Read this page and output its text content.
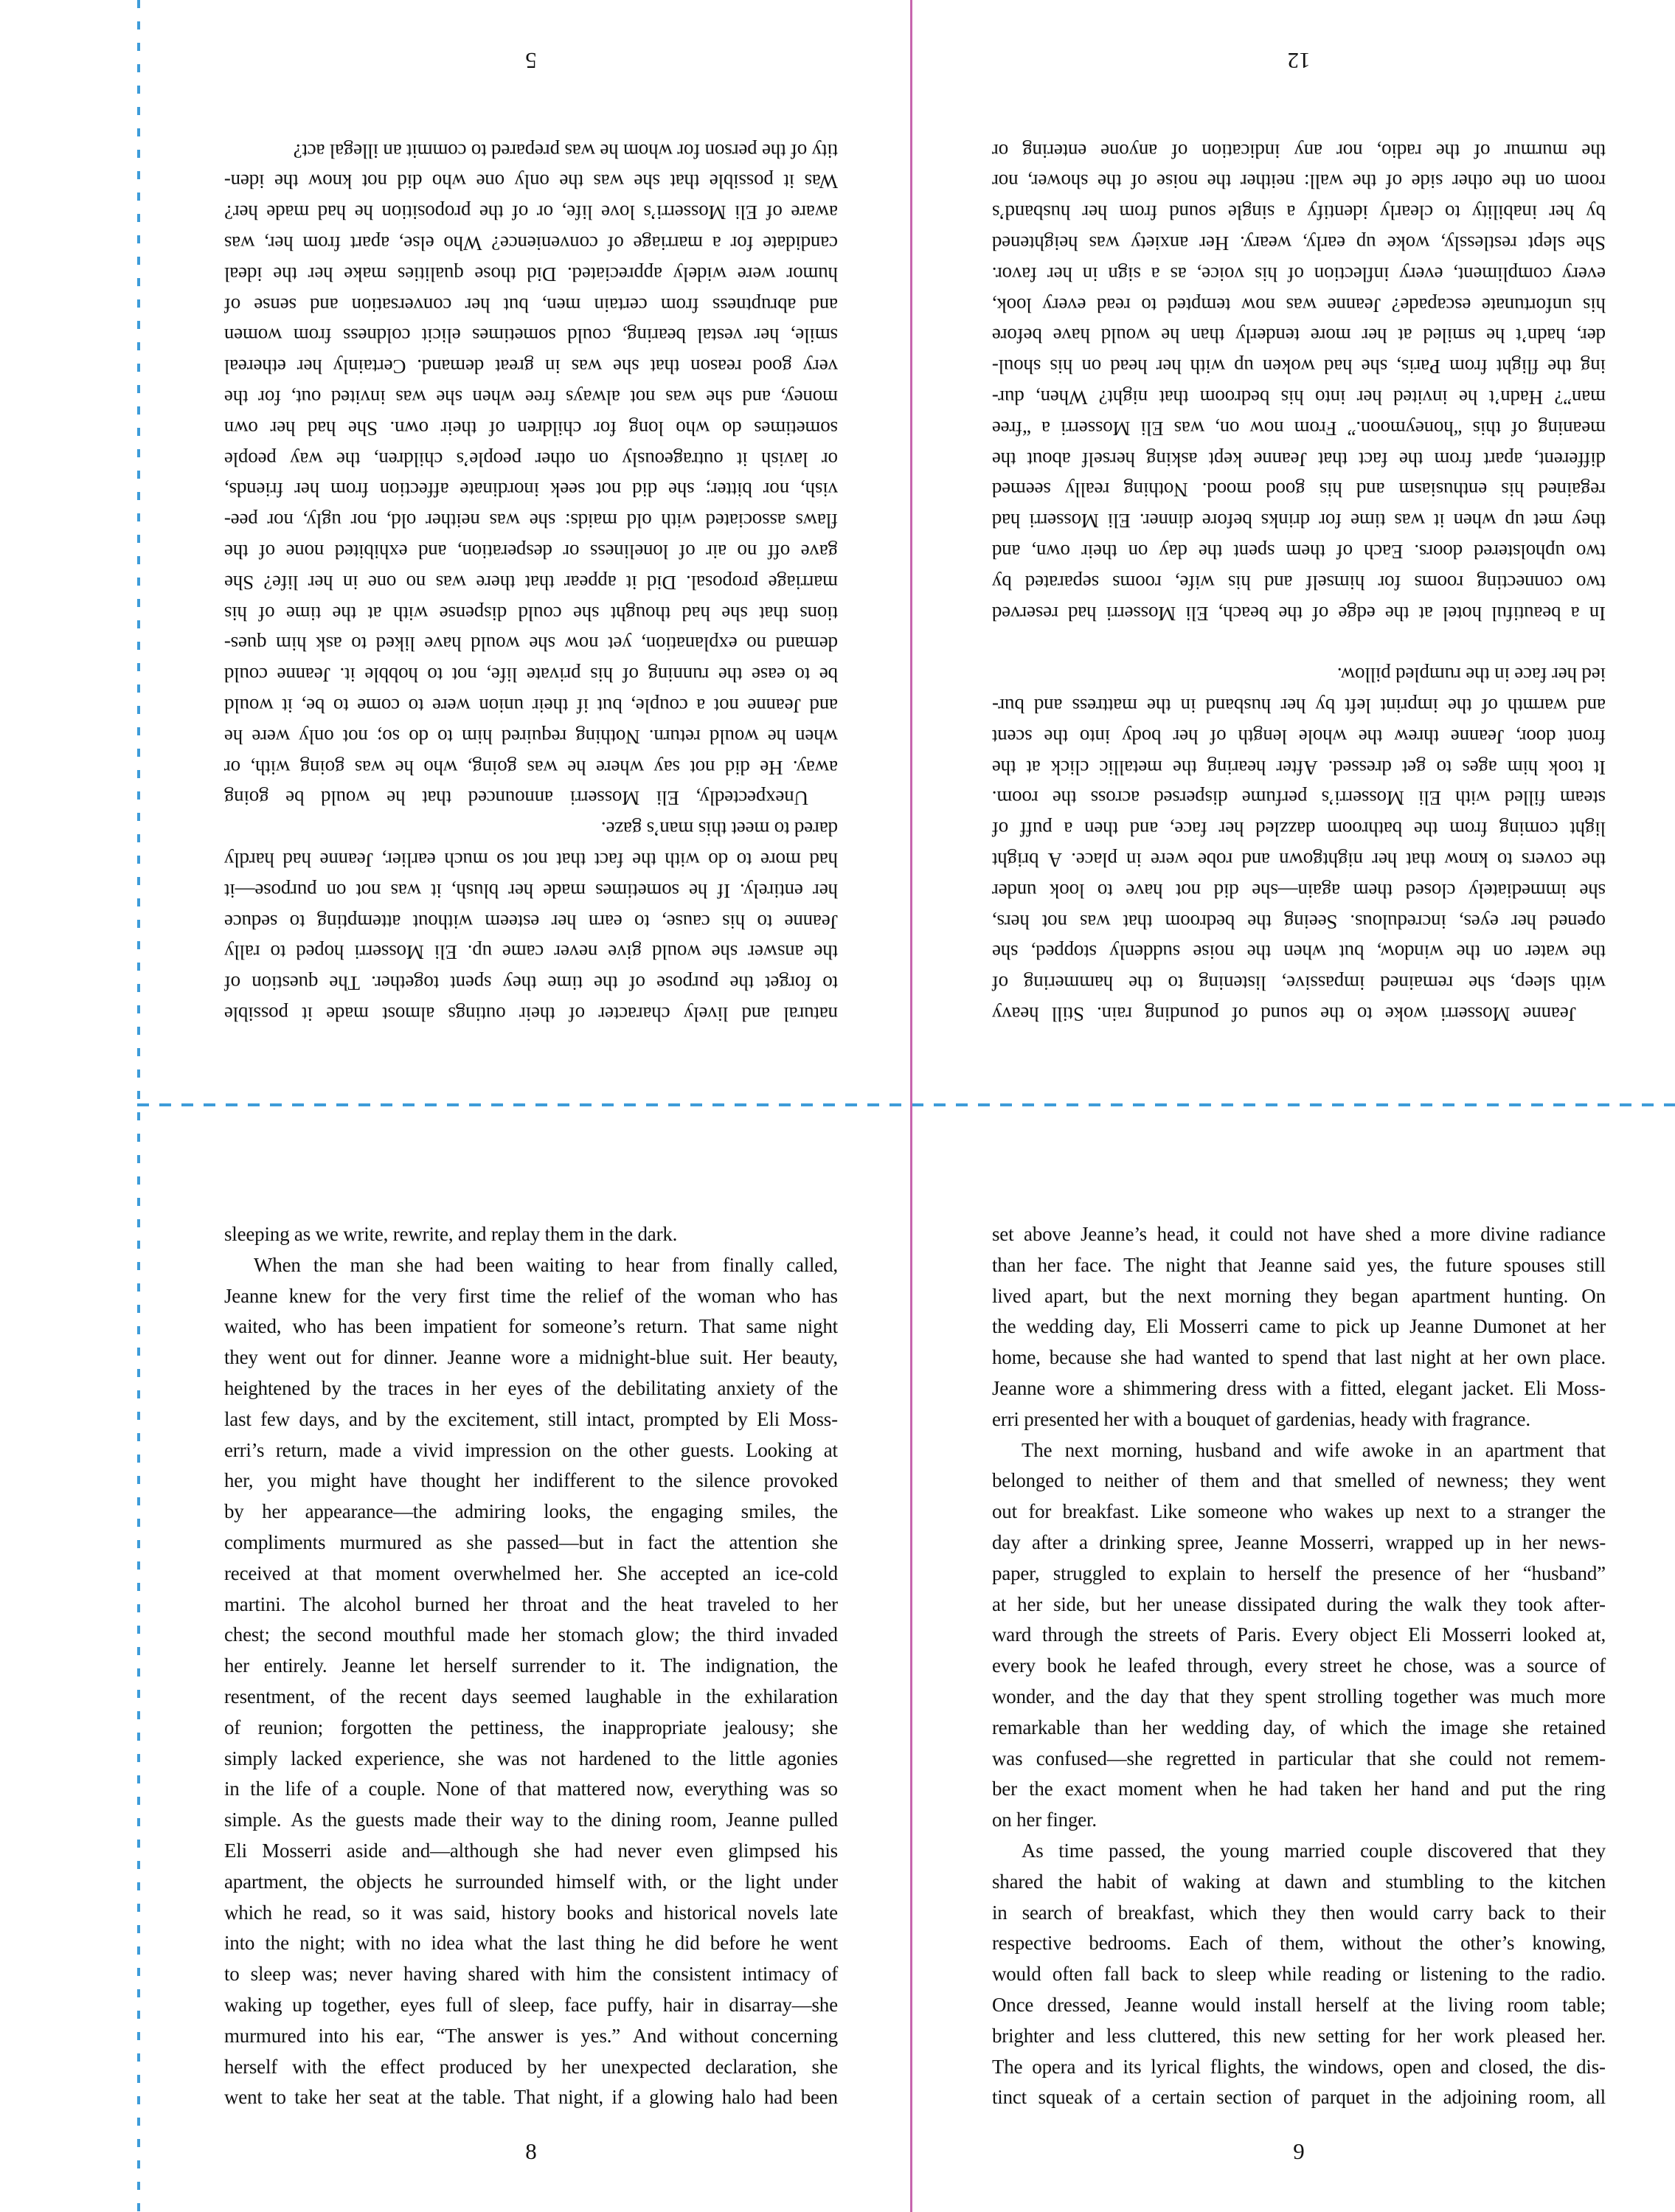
natural
and
lively
character
of
their
outings
almost
made
it
possible
to
forget
the
purpose
of
the
time
they
spent
together.
The
question
of
the
answer
she
would
give
never
came
up.
Eli
Mosserri
hoped
to
rally
Jeanne
to
his
cause,
to
earn
her
esteem
without
attempting
to
seduce
her
entirely.
If
he
sometimes
made
her
blush,
it
was
not
on
purpose—it
had
more
to
do
with
the
fact
that
not
so
much
earlier,
Jeanne
had
hardly
dared to meet this man’s gaze.
Unexpectedly,
Eli
Mosserri
announced
that
he
would
be
going
away.
He
did
not
say
where
he
was
going,
who
he
was
going
with,
or
when
he
would
return.
Nothing
required
him
to
do
so;
not
only
were
he
and
Jeanne
not
a
couple,
but
if
their
union
were
to
come
to
be,
it
would
be
to
ease
the
running
of
his
private
life,
not
to
hobble
it.
Jeanne
could
demand
no
explanation,
yet
now
she
would
have
liked
to
ask
him
ques-
tions
that
she
had
thought
she
could
dispense
with
at
the
time
of
his
marriage
proposal.
Did
it
appear
that
there
was
no
one
in
her
life?
She
gave
off
no
air
of
loneliness
or
desperation,
and
exhibited
none
of
the
flaws
associated
with
old
maids:
she
was
neither
old,
nor
ugly,
nor
pee-
vish,
nor
bitter;
she
did
not
seek
inordinate
affection
from
her
friends,
or
lavish
it
outrageously
on
other
people’s
children,
the
way
people
sometimes
do
who
long
for
children
of
their
own.
She
had
her
own
money,
and
she
was
not
always
free
when
she
was
invited
out,
for
the
very
good
reason
that
she
was
in
great
demand.
Certainly
her
ethereal
smile,
her
vestal
bearing,
could
sometimes
elicit
coldness
from
women
and
abruptness
from
certain
men,
but
her
conversation
and
sense
of
humor
were
widely
appreciated.
Did
those
qualities
make
her
the
ideal
candidate
for
a
marriage
of
convenience?
Who
else,
apart
from
her,
was
aware
of
Eli
Mosserri’s
love
life,
or
of
the
proposition
he
had
made
her?
Was
it
possible
that
she
was
the
only
one
who
did
not
know
the
iden-
tity of the person for whom he was prepared to commit an illegal act?
5
Jeanne
Mosserri
woke
to
the
sound
of
pounding
rain.
Still
heavy
with
sleep,
she
remained
impassive,
listening
to
the
hammering
of
the
water
on
the
window,
but
when
the
noise
suddenly
stopped,
she
opened
her
eyes,
incredulous.
Seeing
the
bedroom
that
was
not
hers,
she
immediately
closed
them
again—she
did
not
have
to
look
under
the
covers
to
know
that
her
nightgown
and
robe
were
in
place.
A
bright
light
coming
from
the
bathroom
dazzled
her
face,
and
then
a
puff
of
steam
filled
with
Eli
Mosserri’s
perfume
dispersed
across
the
room.
It
took
him
ages
to
get
dressed.
After
hearing
the
metallic
click
at
the
front
door,
Jeanne
threw
the
whole
length
of
her
body
into
the
scent
and
warmth
of
the
imprint
left
by
her
husband
in
the
mattress
and
bur-
ied her face in the rumpled pillow.
In
a
beautiful
hotel
at
the
edge
of
the
beach,
Eli
Mosserri
had
reserved
two
connecting
rooms
for
himself
and
his
wife,
rooms
separated
by
two
upholstered
doors.
Each
of
them
spent
the
day
on
their
own,
and
they
met
up
when
it
was
time
for
drinks
before
dinner.
Eli
Mosserri
had
regained
his
enthusiasm
and
his
good
mood.
Nothing
really
seemed
different,
apart
from
the
fact
that
Jeanne
kept
asking
herself
about
the
meaning
of
this
“honeymoon.”
From
now
on,
was
Eli
Mosserri
a
“free
man”?
Hadn’t
he
invited
her
into
his
bedroom
that
night?
When,
dur-
ing
the
flight
from
Paris,
she
had
woken
up
with
her
head
on
his
shoul-
der,
hadn’t
he
smiled
at
her
more
tenderly
than
he
would
have
before
his
unfortunate
escapade?
Jeanne
was
now
tempted
to
read
every
look,
every
compliment,
every
inflection
of
his
voice,
as
a
sign
in
her
favor.
She
slept
restlessly,
woke
up
early,
weary.
Her
anxiety
was
heightened
by
her
inability
to
clearly
identify
a
single
sound
from
her
husband’s
room
on
the
other
side
of
the
wall:
neither
the
noise
of
the
shower,
nor
the
murmur
of
the
radio,
nor
any
indication
of
anyone
entering
or
12
sleeping as we write, rewrite, and replay them in the dark.
When the man she had been waiting to hear from finally called,
Jeanne knew for the very first time the relief of the woman who has
waited, who has been impatient for someone’s return. That same night
they went out for dinner. Jeanne wore a midnight-blue suit. Her beauty,
heightened by the traces in her eyes of the debilitating anxiety of the
last few days, and by the excitement, still intact, prompted by Eli Moss-
erri’s return, made a vivid impression on the other guests. Looking at
her, you might have thought her indifferent to the silence provoked
by her appearance—the admiring looks, the engaging smiles, the
compliments murmured as she passed—but in fact the attention she
received at that moment overwhelmed her. She accepted an ice-cold
martini. The alcohol burned her throat and the heat traveled to her
chest; the second mouthful made her stomach glow; the third invaded
her entirely. Jeanne let herself surrender to it. The indignation, the
resentment, of the recent days seemed laughable in the exhilaration
of reunion; forgotten the pettiness, the inappropriate jealousy; she
simply lacked experience, she was not hardened to the little agonies
in the life of a couple. None of that mattered now, everything was so
simple. As the guests made their way to the dining room, Jeanne pulled
Eli Mosserri aside and—although she had never even glimpsed his
apartment, the objects he surrounded himself with, or the light under
which he read, so it was said, history books and historical novels late
into the night; with no idea what the last thing he did before he went
to sleep was; never having shared with him the consistent intimacy of
waking up together, eyes full of sleep, face puffy, hair in disarray—she
murmured into his ear, “The answer is yes.” And without concerning
herself with the effect produced by her unexpected declaration, she
went to take her seat at the table. That night, if a glowing halo had been
8
set above Jeanne’s head, it could not have shed a more divine radiance
than her face. The night that Jeanne said yes, the future spouses still
lived apart, but the next morning they began apartment hunting. On
the wedding day, Eli Mosserri came to pick up Jeanne Dumonet at her
home, because she had wanted to spend that last night at her own place.
Jeanne wore a shimmering dress with a fitted, elegant jacket. Eli Moss-
erri presented her with a bouquet of gardenias, heady with fragrance.
The next morning, husband and wife awoke in an apartment that
belonged to neither of them and that smelled of newness; they went
out for breakfast. Like someone who wakes up next to a stranger the
day after a drinking spree, Jeanne Mosserri, wrapped up in her news-
paper, struggled to explain to herself the presence of her “husband”
at her side, but her unease dissipated during the walk they took after-
ward through the streets of Paris. Every object Eli Mosserri looked at,
every book he leafed through, every street he chose, was a source of
wonder, and the day that they spent strolling together was much more
remarkable than her wedding day, of which the image she retained
was confused—she regretted in particular that she could not remem-
ber the exact moment when he had taken her hand and put the ring
on her finger.
As time passed, the young married couple discovered that they
shared the habit of waking at dawn and stumbling to the kitchen
in search of breakfast, which they then would carry back to their
respective bedrooms. Each of them, without the other’s knowing,
would often fall back to sleep while reading or listening to the radio.
Once dressed, Jeanne would install herself at the living room table;
brighter and less cluttered, this new setting for her work pleased her.
The opera and its lyrical flights, the windows, open and closed, the dis-
tinct squeak of a certain section of parquet in the adjoining room, all
9
